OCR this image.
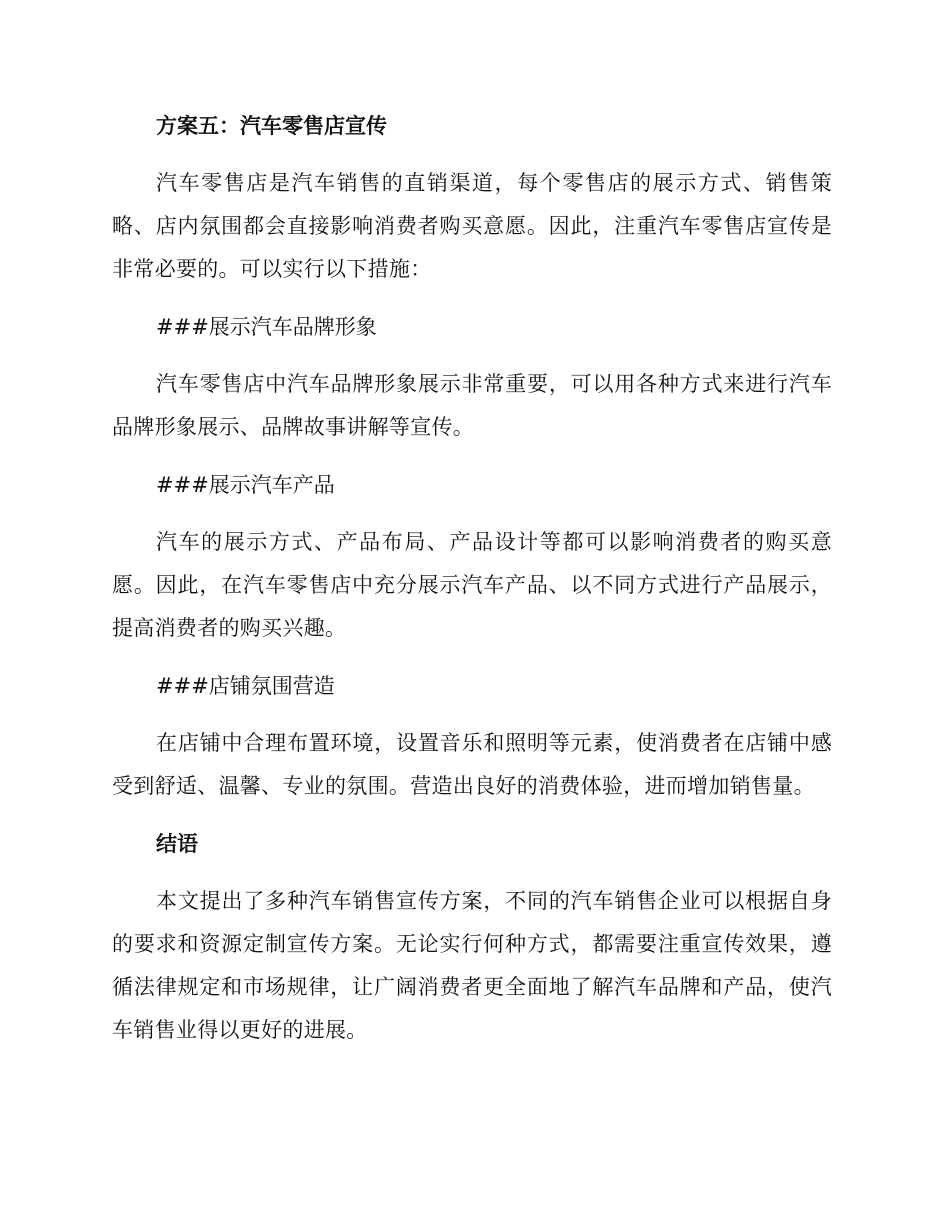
方案五：汽车零售店宣传

汽车零售店是汽车销售的直销渠道，每个零售店的展示方式、销售策略、店内氛围都会直接影响消费者购买意愿。因此，注重汽车零售店宣传是非常必要的。可以实行以下措施：

###展示汽车品牌形象

汽车零售店中汽车品牌形象展示非常重要，可以用各种方式来进行汽车品牌形象展示、品牌故事讲解等宣传。

###展示汽车产品

汽车的展示方式、产品布局、产品设计等都可以影响消费者的购买意愿。因此，在汽车零售店中充分展示汽车产品、以不同方式进行产品展示，提高消费者的购买兴趣。

###店铺氛围营造

在店铺中合理布置环境，设置音乐和照明等元素，使消费者在店铺中感受到舒适、温馨、专业的氛围。营造出良好的消费体验，进而增加销售量。

结语

本文提出了多种汽车销售宣传方案，不同的汽车销售企业可以根据自身的要求和资源定制宣传方案。无论实行何种方式，都需要注重宣传效果，遵循法律规定和市场规律，让广阔消费者更全面地了解汽车品牌和产品，使汽车销售业得以更好的进展。
